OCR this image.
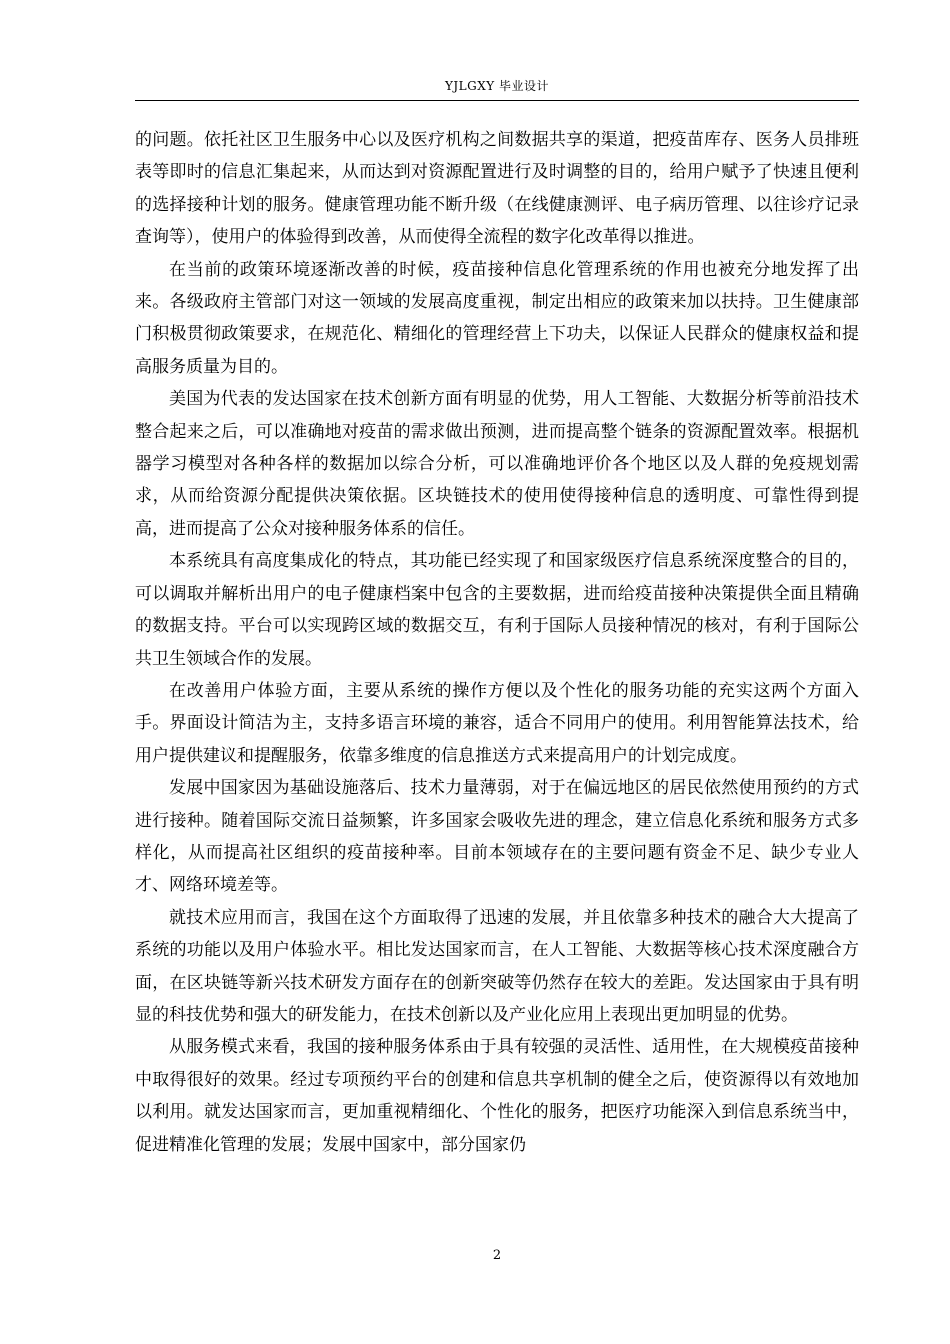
YJLGXY 毕业设计

的问题。依托社区卫生服务中心以及医疗机构之间数据共享的渠道，把疫苗库存、医务人员排班表等即时的信息汇集起来，从而达到对资源配置进行及时调整的目的，给用户赋予了快速且便利的选择接种计划的服务。健康管理功能不断升级（在线健康测评、电子病历管理、以往诊疗记录查询等），使用户的体验得到改善，从而使得全流程的数字化改革得以推进。

在当前的政策环境逐渐改善的时候，疫苗接种信息化管理系统的作用也被充分地发挥了出来。各级政府主管部门对这一领域的发展高度重视，制定出相应的政策来加以扶持。卫生健康部门积极贯彻政策要求，在规范化、精细化的管理经营上下功夫，以保证人民群众的健康权益和提高服务质量为目的。

美国为代表的发达国家在技术创新方面有明显的优势，用人工智能、大数据分析等前沿技术整合起来之后，可以准确地对疫苗的需求做出预测，进而提高整个链条的资源配置效率。根据机器学习模型对各种各样的数据加以综合分析，可以准确地评价各个地区以及人群的免疫规划需求，从而给资源分配提供决策依据。区块链技术的使用使得接种信息的透明度、可靠性得到提高，进而提高了公众对接种服务体系的信任。

本系统具有高度集成化的特点，其功能已经实现了和国家级医疗信息系统深度整合的目的，可以调取并解析出用户的电子健康档案中包含的主要数据，进而给疫苗接种决策提供全面且精确的数据支持。平台可以实现跨区域的数据交互，有利于国际人员接种情况的核对，有利于国际公共卫生领域合作的发展。

在改善用户体验方面，主要从系统的操作方便以及个性化的服务功能的充实这两个方面入手。界面设计简洁为主，支持多语言环境的兼容，适合不同用户的使用。利用智能算法技术，给用户提供建议和提醒服务，依靠多维度的信息推送方式来提高用户的计划完成度。

发展中国家因为基础设施落后、技术力量薄弱，对于在偏远地区的居民依然使用预约的方式进行接种。随着国际交流日益频繁，许多国家会吸收先进的理念，建立信息化系统和服务方式多样化，从而提高社区组织的疫苗接种率。目前本领域存在的主要问题有资金不足、缺少专业人才、网络环境差等。

就技术应用而言，我国在这个方面取得了迅速的发展，并且依靠多种技术的融合大大提高了系统的功能以及用户体验水平。相比发达国家而言，在人工智能、大数据等核心技术深度融合方面，在区块链等新兴技术研发方面存在的创新突破等仍然存在较大的差距。发达国家由于具有明显的科技优势和强大的研发能力，在技术创新以及产业化应用上表现出更加明显的优势。

从服务模式来看，我国的接种服务体系由于具有较强的灵活性、适用性，在大规模疫苗接种中取得很好的效果。经过专项预约平台的创建和信息共享机制的健全之后，使资源得以有效地加以利用。就发达国家而言，更加重视精细化、个性化的服务，把医疗功能深入到信息系统当中，促进精准化管理的发展；发展中国家中，部分国家仍

2
